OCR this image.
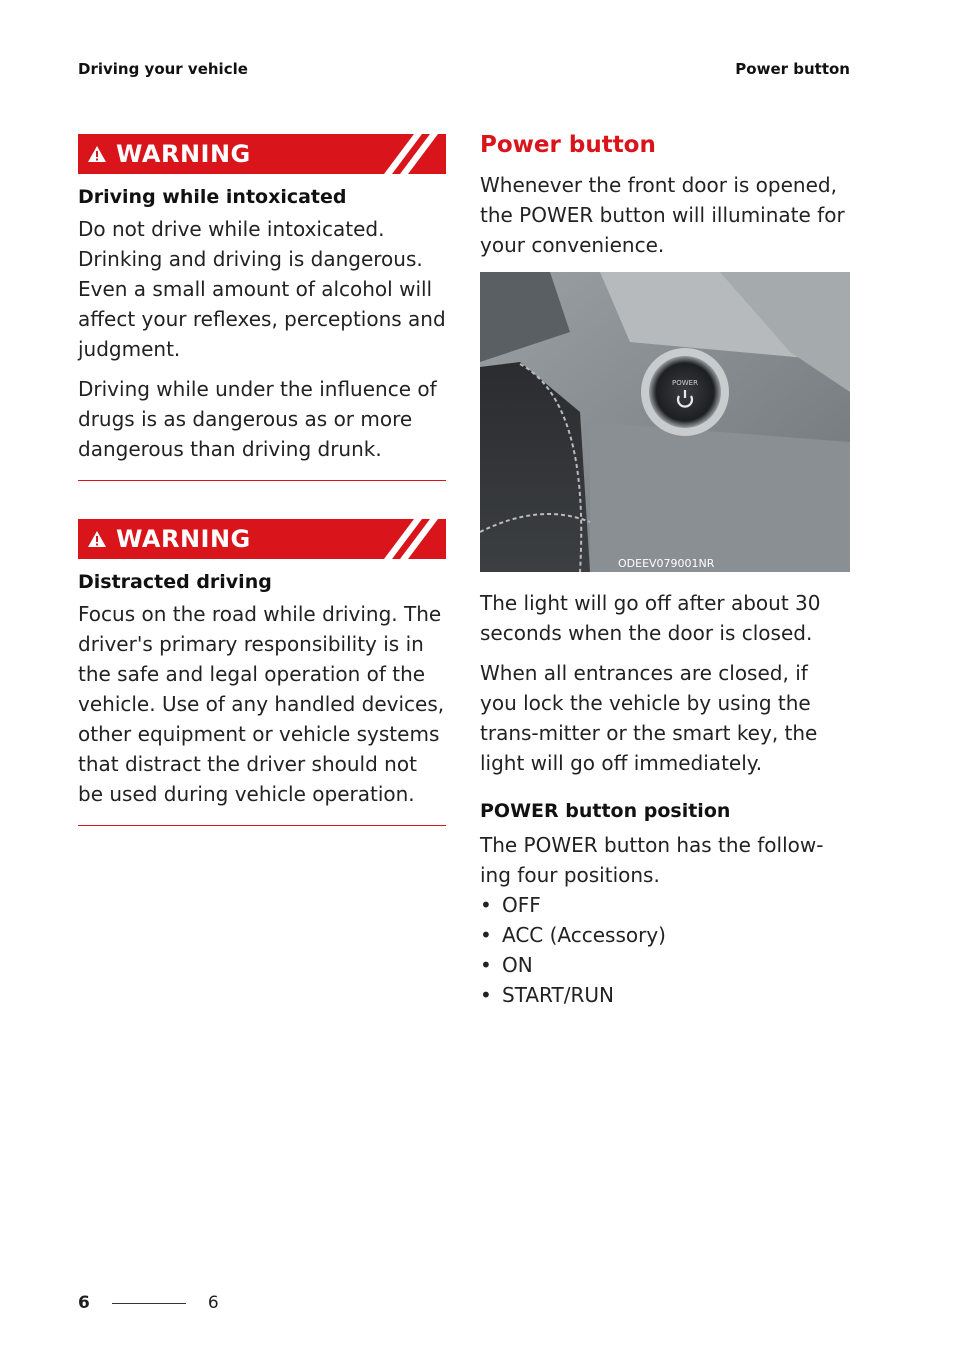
Driving your vehicle	Power button
WARNING
Driving while intoxicated

Do not drive while intoxicated. Drinking and driving is dangerous. Even a small amount of alcohol will affect your reflexes, perceptions and judgment.

Driving while under the influence of drugs is as dangerous as or more dangerous than driving drunk.

WARNING
Distracted driving

Focus on the road while driving. The driver's primary responsibility is in the safe and legal operation of the vehicle. Use of any handled devices, other equipment or vehicle systems that distract the driver should not be used during vehicle operation.

Power button

Whenever the front door is opened, the POWER button will illuminate for your convenience.

POWER
ODEEV079001NR

The light will go off after about 30 seconds when the door is closed.

When all entrances are closed, if you lock the vehicle by using the trans-mitter or the smart key, the light will go off immediately.

POWER button position

The POWER button has the follow-ing four positions.

• OFF
• ACC (Accessory)
• ON
• START/RUN
6	6
